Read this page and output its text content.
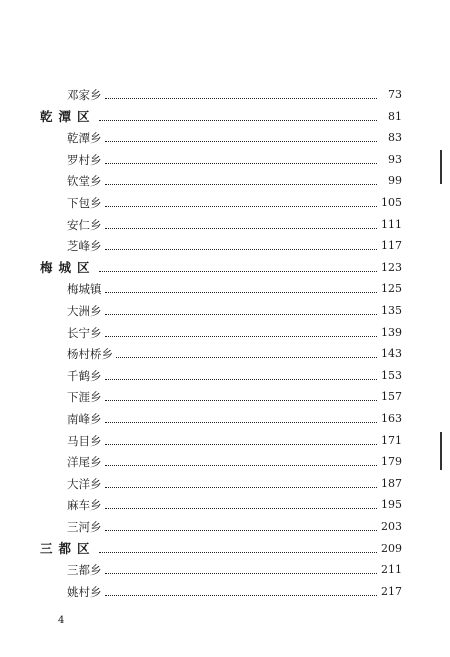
邓家乡	73
乾潭区	81
乾潭乡	83
罗村乡	93
钦堂乡	99
下包乡	105
安仁乡	111
芝峰乡	117
梅城区	123
梅城镇	125
大洲乡	135
长宁乡	139
杨村桥乡	143
千鹤乡	153
下涯乡	157
南峰乡	163
马目乡	171
洋尾乡	179
大洋乡	187
麻车乡	195
三河乡	203
三都区	209
三都乡	211
姚村乡	217
4
